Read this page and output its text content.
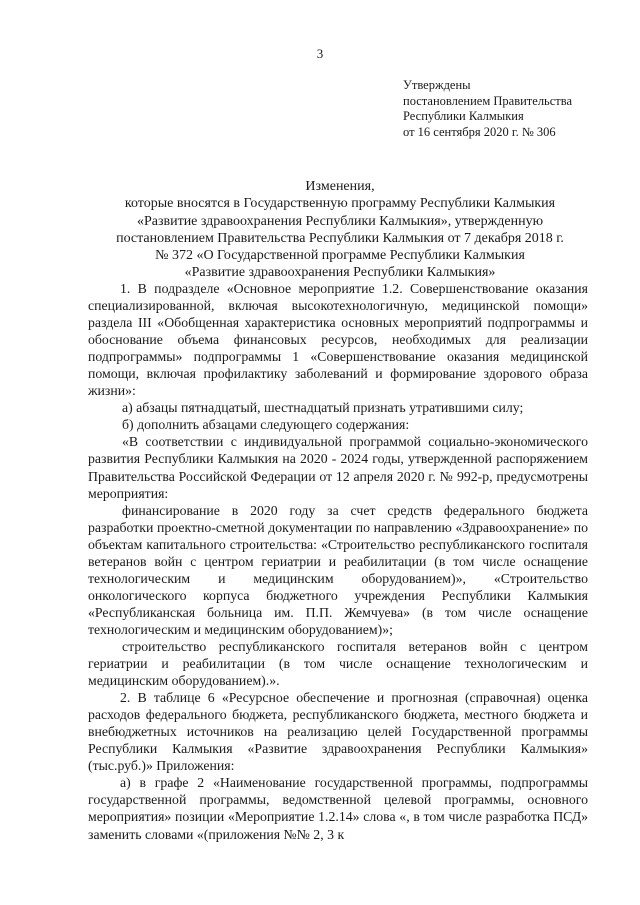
3
Утверждены
постановлением Правительства
Республики Калмыкия
от 16 сентября 2020 г. № 306
Изменения,
которые вносятся в Государственную программу Республики Калмыкия
«Развитие здравоохранения Республики Калмыкия», утвержденную
постановлением Правительства Республики Калмыкия от 7 декабря 2018 г.
№ 372 «О Государственной программе Республики Калмыкия
«Развитие здравоохранения Республики Калмыкия»

1. В подразделе «Основное мероприятие 1.2. Совершенствование оказания специализированной, включая высокотехнологичную, медицинской помощи» раздела III «Обобщенная характеристика основных мероприятий подпрограммы и обоснование объема финансовых ресурсов, необходимых для реализации подпрограммы» подпрограммы 1 «Совершенствование оказания медицинской помощи, включая профилактику заболеваний и формирование здорового образа жизни»:

а) абзацы пятнадцатый, шестнадцатый признать утратившими силу;

б) дополнить абзацами следующего содержания:

«В соответствии с индивидуальной программой социально-экономического развития Республики Калмыкия на 2020 - 2024 годы, утвержденной распоряжением Правительства Российской Федерации от 12 апреля 2020 г. № 992-р, предусмотрены мероприятия:

финансирование в 2020 году за счет средств федерального бюджета разработки проектно-сметной документации по направлению «Здравоохранение» по объектам капитального строительства: «Строительство республиканского госпиталя ветеранов войн с центром гериатрии и реабилитации (в том числе оснащение технологическим и медицинским оборудованием)», «Строительство онкологического корпуса бюджетного учреждения Республики Калмыкия «Республиканская больница им. П.П. Жемчуева» (в том числе оснащение технологическим и медицинским оборудованием)»;

строительство республиканского госпиталя ветеранов войн с центром гериатрии и реабилитации (в том числе оснащение технологическим и медицинским оборудованием).».

2. В таблице 6 «Ресурсное обеспечение и прогнозная (справочная) оценка расходов федерального бюджета, республиканского бюджета, местного бюджета и внебюджетных источников на реализацию целей Государственной программы Республики Калмыкия «Развитие здравоохранения Республики Калмыкия» (тыс.руб.)» Приложения:

а) в графе 2 «Наименование государственной программы, подпрограммы государственной программы, ведомственной целевой программы, основного мероприятия» позиции «Мероприятие 1.2.14» слова «, в том числе разработка ПСД» заменить словами «(приложения №№ 2, 3 к
